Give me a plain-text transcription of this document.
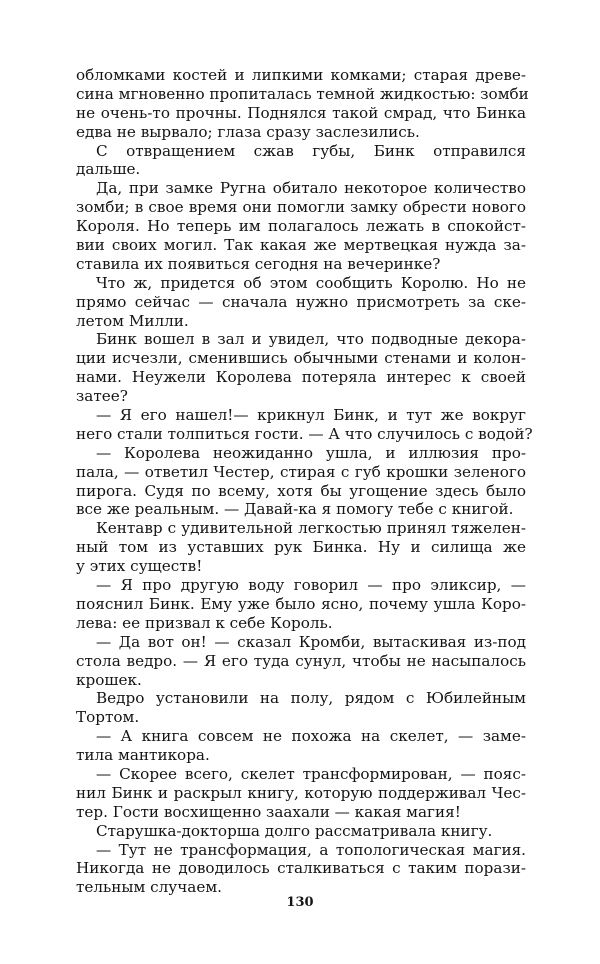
обломками костей и липкими комками; старая древе-
сина мгновенно пропиталась темной жидкостью: зомби
не очень-то прочны. Поднялся такой смрад, что Бинка
едва не вырвало; глаза сразу заслезились.
С отвращением сжав губы, Бинк отправился
дальше.
Да, при замке Ругна обитало некоторое количество
зомби; в свое время они помогли замку обрести нового
Короля. Но теперь им полагалось лежать в спокойст-
вии своих могил. Так какая же мертвецкая нужда за-
ставила их появиться сегодня на вечеринке?
Что ж, придется об этом сообщить Королю. Но не
прямо сейчас — сначала нужно присмотреть за ске-
летом Милли.
Бинк вошел в зал и увидел, что подводные декора-
ции исчезли, сменившись обычными стенами и колон-
нами. Неужели Королева потеряла интерес к своей
затее?
— Я его нашел!— крикнул Бинк, и тут же вокруг
него стали толпиться гости. — А что случилось с водой?
— Королева неожиданно ушла, и иллюзия про-
пала, — ответил Честер, стирая с губ крошки зеленого
пирога. Судя по всему, хотя бы угощение здесь было
все же реальным. — Давай-ка я помогу тебе с книгой.
Кентавр с удивительной легкостью принял тяжелен-
ный том из уставших рук Бинка. Ну и силища же
у этих существ!
— Я про другую воду говорил — про эликсир, —
пояснил Бинк. Ему уже было ясно, почему ушла Коро-
лева: ее призвал к себе Король.
— Да вот он! — сказал Кромби, вытаскивая из-под
стола ведро. — Я его туда сунул, чтобы не насыпалось
крошек.
Ведро установили на полу, рядом с Юбилейным
Тортом.
— А книга совсем не похожа на скелет, — заме-
тила мантикора.
— Скорее всего, скелет трансформирован, — пояс-
нил Бинк и раскрыл книгу, которую поддерживал Чес-
тер. Гости восхищенно заахали — какая магия!
Старушка-докторша долго рассматривала книгу.
— Тут не трансформация, а топологическая магия.
Никогда не доводилось сталкиваться с таким порази-
тельным случаем.
130
